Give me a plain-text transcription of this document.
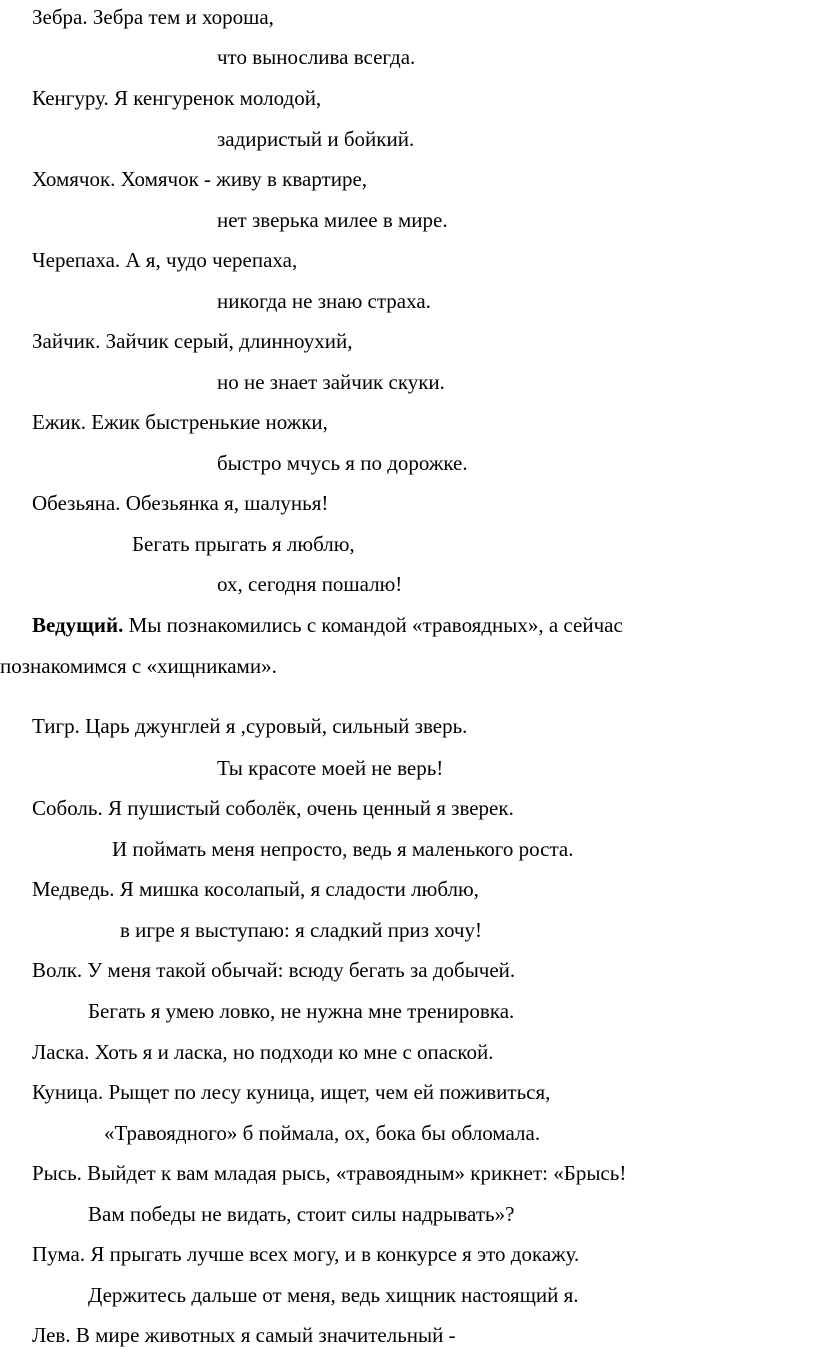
Зебра. Зебра тем и хороша,
что вынослива всегда.
Кенгуру. Я кенгуренок молодой,
задиристый и бойкий.
Хомячок. Хомячок - живу в квартире,
нет зверька милее в мире.
Черепаха. А я, чудо черепаха,
никогда не знаю страха.
Зайчик. Зайчик серый, длинноухий,
но не знает зайчик скуки.
Ежик. Ежик быстренькие ножки,
быстро мчусь я по дорожке.
Обезьяна. Обезьянка я, шалунья!
Бегать прыгать я люблю,
ох, сегодня пошалю!
Ведущий. Мы познакомились с командой «травоядных», а сейчас
познакомимся с «хищниками».
Тигр. Царь джунглей я ,суровый, сильный зверь.
Ты красоте моей не верь!
Соболь. Я пушистый соболёк, очень ценный я зверек.
И поймать меня непросто, ведь я маленького роста.
Медведь. Я мишка косолапый, я сладости люблю,
в игре я выступаю: я сладкий приз хочу!
Волк. У меня такой обычай: всюду бегать за добычей.
Бегать я умею ловко, не нужна мне тренировка.
Ласка. Хоть я и ласка, но подходи ко мне с опаской.
Куница. Рыщет по лесу куница, ищет, чем ей поживиться,
«Травоядного» б поймала, ох, бока бы обломала.
Рысь. Выйдет к вам младая рысь, «травоядным» крикнет: «Брысь!
Вам победы не видать, стоит силы надрывать»?
Пума. Я прыгать лучше всех могу, и в конкурсе я это докажу.
Держитесь дальше от меня, ведь хищник настоящий я.
Лев. В мире животных я самый значительный -
